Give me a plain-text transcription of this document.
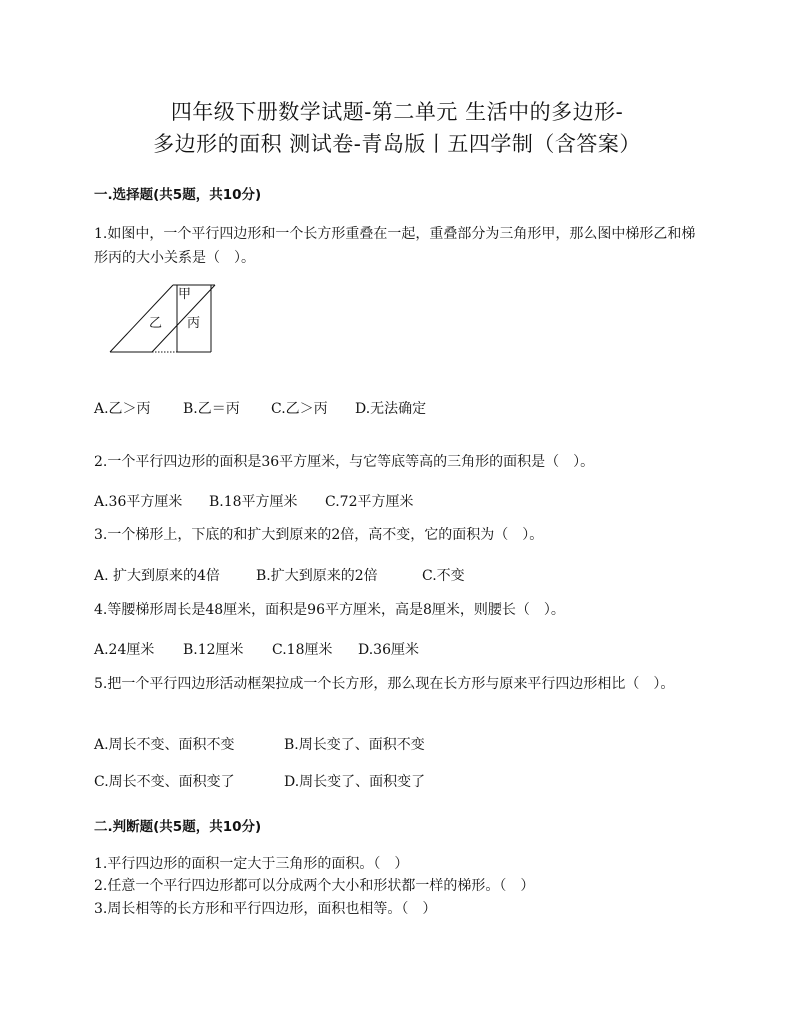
四年级下册数学试题-第二单元 生活中的多边形-
多边形的面积 测试卷-青岛版丨五四学制（含答案）
一.选择题(共5题，共10分)
1.如图中，一个平行四边形和一个长方形重叠在一起，重叠部分为三角形甲，那么图中梯形乙和梯形丙的大小关系是（　）。
甲
乙 丙
A.乙＞丙 B.乙＝丙 C.乙＞丙 D.无法确定
2.一个平行四边形的面积是36平方厘米，与它等底等高的三角形的面积是（　）。
A.36平方厘米 B.18平方厘米 C.72平方厘米
3.一个梯形上，下底的和扩大到原来的2倍，高不变，它的面积为（　）。
A. 扩大到原来的4倍	B.扩大到原来的2倍	C.不变
4.等腰梯形周长是48厘米，面积是96平方厘米，高是8厘米，则腰长（　）。
A.24厘米 B.12厘米 C.18厘米 D.36厘米
5.把一个平行四边形活动框架拉成一个长方形，那么现在长方形与原来平行四边形相比（　）。
A.周长不变、面积不变	B.周长变了、面积不变
C.周长不变、面积变了	D.周长变了、面积变了
二.判断题(共5题，共10分)
1.平行四边形的面积一定大于三角形的面积。（　）
2.任意一个平行四边形都可以分成两个大小和形状都一样的梯形。（　）
3.周长相等的长方形和平行四边形，面积也相等。（　）
